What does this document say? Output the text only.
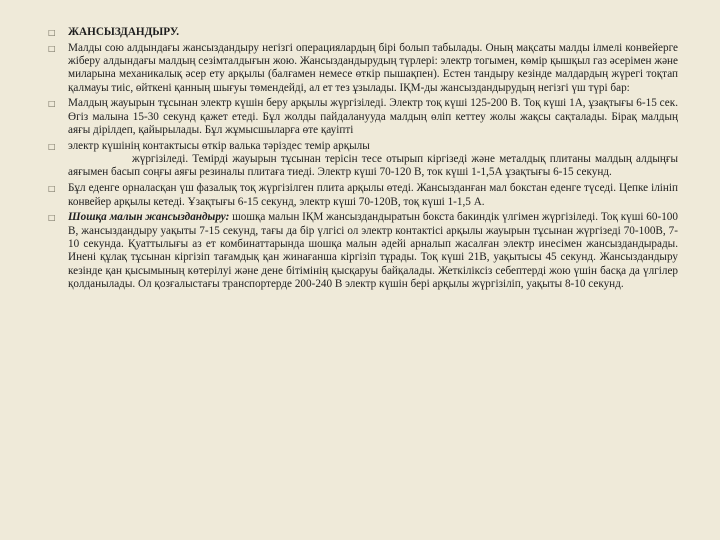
□ ЖАНСЫЗДАНДЫРУ.

□ Малды сою алдындағы жансыздандыру негізгі операциялардың бірі болып табылады. Оның мақсаты малды ілмелі конвейерге жіберу алдындағы малдың сезімталдығын жою. Жансыздандырудың түрлері: электр тогымен, көмір қышқыл газ әсерімен және миларына механикалық әсер ету арқылы (балғамен немесе өткір пышақпен). Естен тандыру кезінде малдардың жүрегі тоқтап қалмауы тиіс, өйткені қанның шығуы төмендейді, ал ет тез ұзылады. ІҚМ-ды жансыздандырудың негізгі үш түрі бар:

□ Малдың жауырын тұсынан электр күшін беру арқылы жүргізіледі. Электр тоқ күші 125-200 В. Тоқ күші 1А, ұзақтығы 6-15 сек. Өгіз малына 15-30 секунд қажет етеді. Бұл жолды пайдаланууда малдың өліп кеттеу жолы жақсы сақталады. Бірақ малдың аяғы дірілдеп, қайырылады. Бұл жұмысшыларға өте қауіпті

□ электр күшінің контактысы өткір валька тәріздес темір арқылы

жүргізіледі. Темірді жауырын тұсынан терісін тесе отырып кіргізеді және металдық плитаны малдың алдыңғы аяғымен басып соңғы аяғы резиналы плитаға тиеді. Электр күші 70-120 В, ток күші 1-1,5А ұзақтығы 6-15 секунд.

□ Бұл еденге орналасқан үш фазалық тоқ жүргізілген плита арқылы өтеді. Жансызданған мал бокстан еденге түседі. Цепке ілініп конвейер арқылы кетеді. Ұзақтығы 6-15 секунд, электр күші 70-120В, тоқ күші 1-1,5 А.

□ Шошқа малын жансыздандыру: шошқа малын ІҚМ жансыздандыратын бокста бакиндік үлгімен жүргізіледі. Тоқ күші 60-100 В, жансыздандыру уақыты 7-15 секунд, тағы да бір үлгісі ол электр контактісі арқылы жауырын тұсынан жүргізеді 70-100В, 7-10 секунда. Қуаттылығы аз ет комбинаттарында шошқа малын әдейі арналып жасалған электр инесімен жансыздандырады. Инені құлақ тұсынан кіргізіп тағамдық қан жинағанша кіргізіп тұрады. Тоқ күші 21В, уақытысы 45 секунд. Жансыздандыру кезінде қан қысымының көтерілуі және дене бітімінің қысқаруы байқалады. Жеткіліксіз себептерді жою үшін басқа да үлгілер қолданылады. Ол қозғалыстағы транспортерде 200-240 В электр күшін бері арқылы жүргізіліп, уақыты 8-10 секунд.
